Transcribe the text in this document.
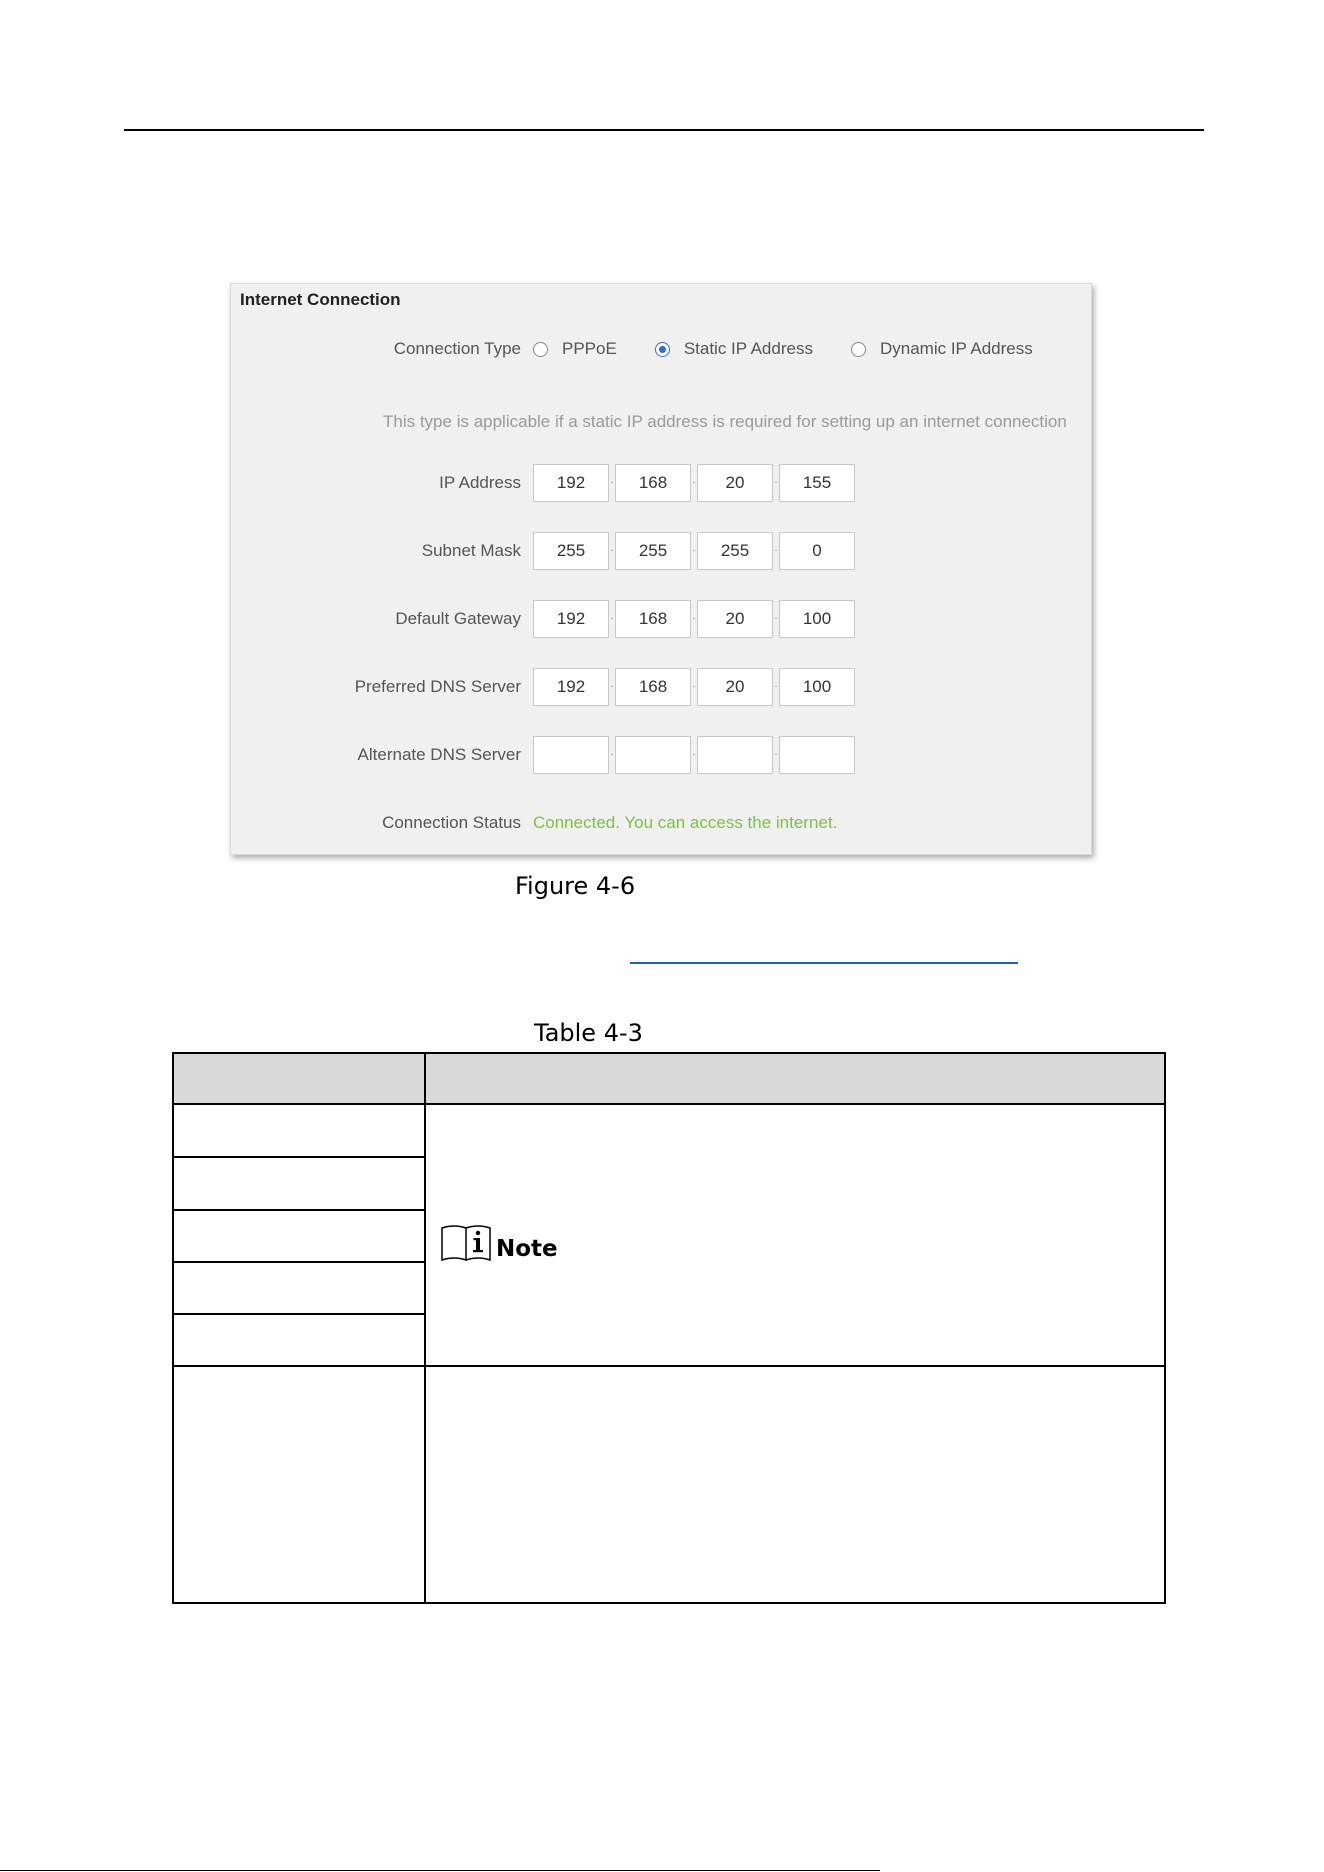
Internet Connection
Connection Type PPPoE	Static IP Address	Dynamic IP Address
This type is applicable if a static IP address is required for setting up an internet connection
IP Address	192	·	168	·	20	·	155
Subnet Mask	255	·	255	·	255	·	0
Default Gateway	192	·	168	·	20	·	100
Preferred DNS Server	192	·	168	·	20	·	100
Alternate DNS Server	·	·	·
Connection Status Connected. You can access the internet.
Figure 4-6
Table 4-3
Note
